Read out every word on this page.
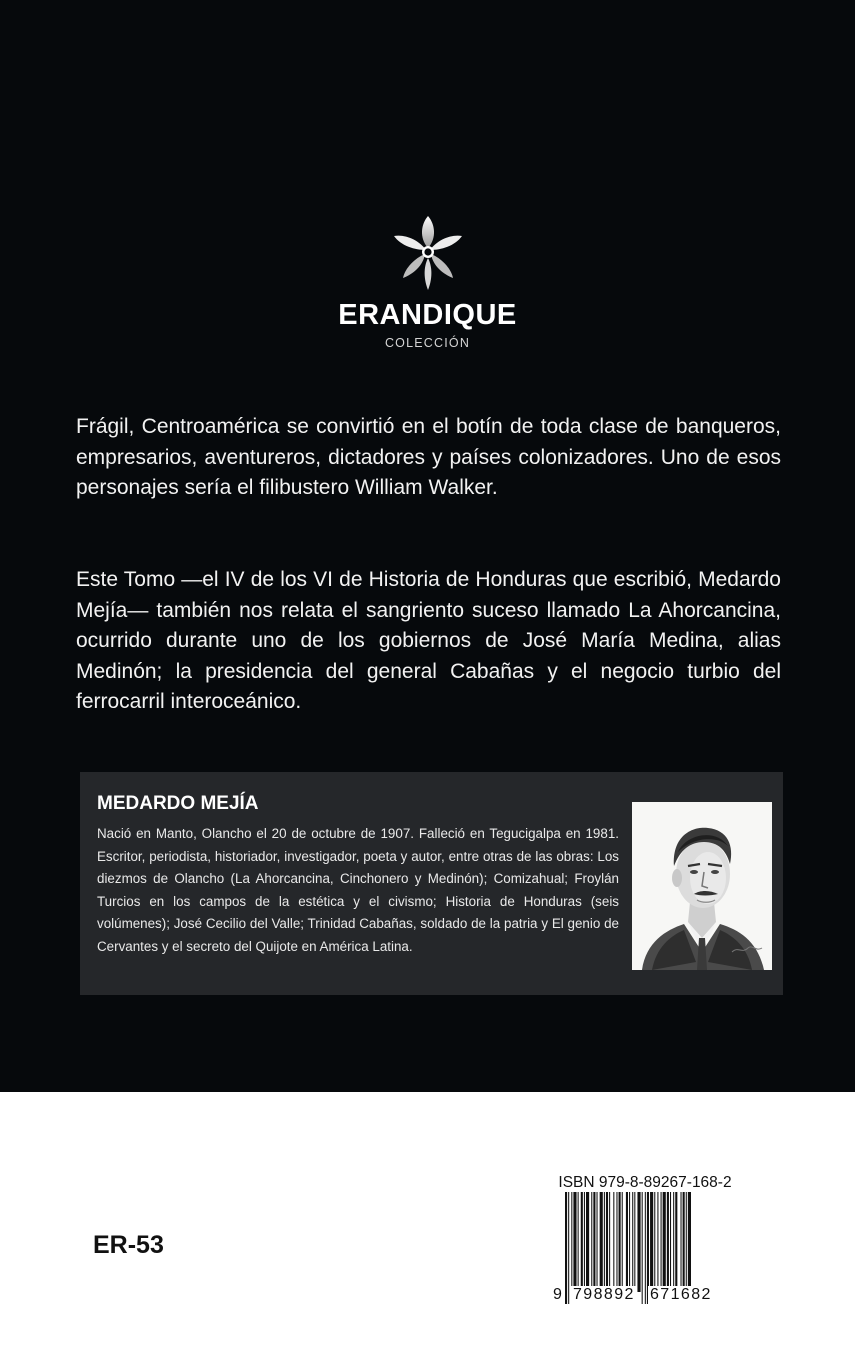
ERANDIQUE
COLECCIÓN

Frágil, Centroamérica se convirtió en el botín de toda clase de banqueros, empresarios, aventureros, dictadores y países colonizadores. Uno de esos personajes sería el filibustero William Walker.

Este Tomo —el IV de los VI de Historia de Honduras que escribió, Medardo Mejía— también nos relata el sangriento suceso llamado La Ahorcancina, ocurrido durante uno de los gobiernos de José María Medina, alias Medinón; la presidencia del general Cabañas y el negocio turbio del ferrocarril interoceánico.

MEDARDO MEJÍA

Nació en Manto, Olancho el 20 de octubre de 1907. Falleció en Tegucigalpa en 1981. Escritor, periodista, historiador, investigador, poeta y autor, entre otras de las obras: Los diezmos de Olancho (La Ahorcancina, Cinchonero y Medinón); Comizahual; Froylán Turcios en los campos de la estética y el civismo; Historia de Honduras (seis volúmenes); José Cecilio del Valle; Trinidad Cabañas, soldado de la patria y El genio de Cervantes y el secreto del Quijote en América Latina.

ER-53
ISBN 979-8-89267-168-2
9 798892 671682
